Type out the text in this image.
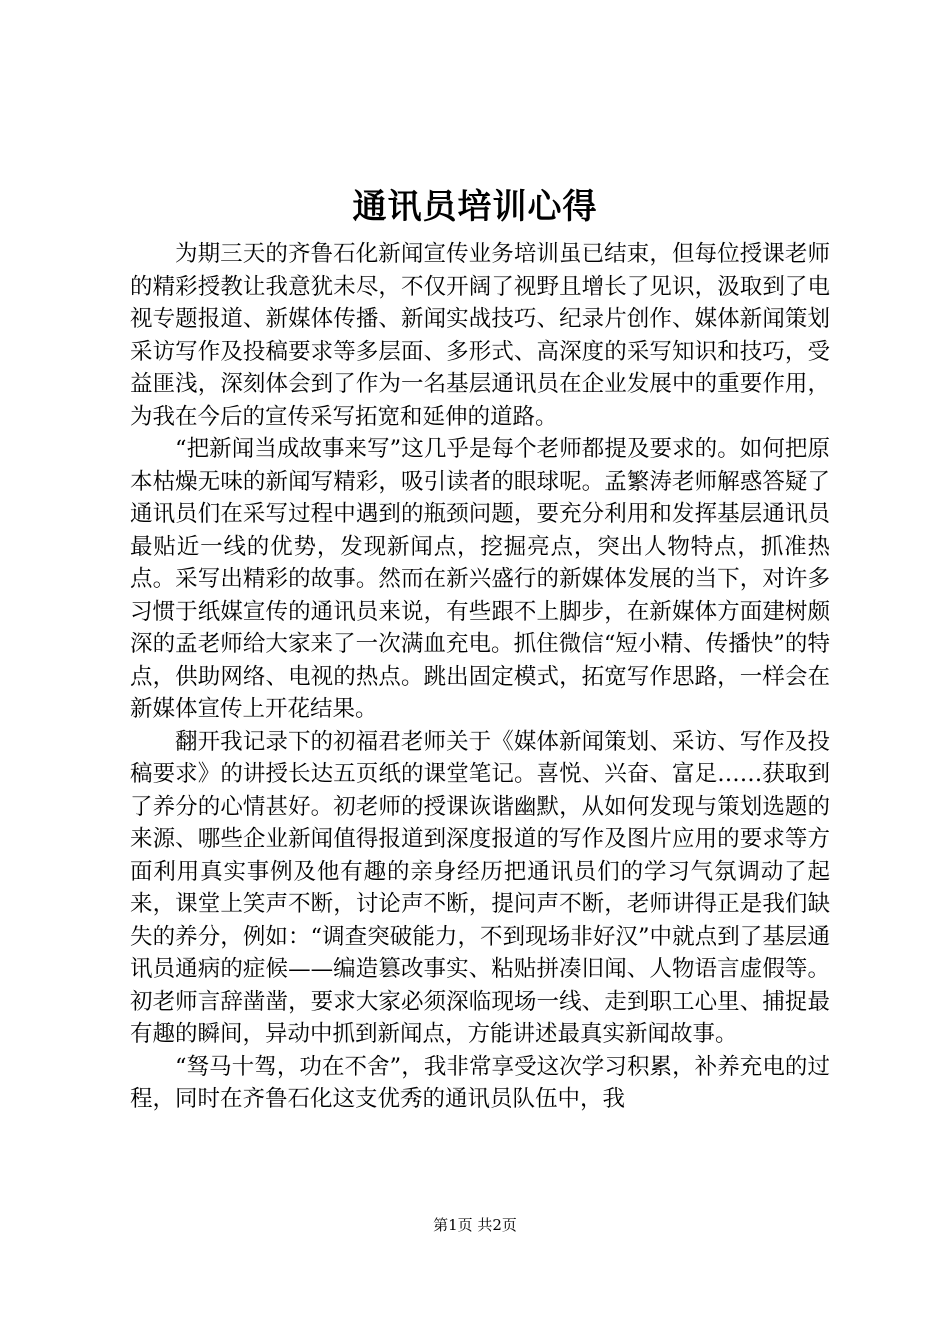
通讯员培训心得

为期三天的齐鲁石化新闻宣传业务培训虽已结束，但每位授课老师的精彩授教让我意犹未尽，不仅开阔了视野且增长了见识，汲取到了电视专题报道、新媒体传播、新闻实战技巧、纪录片创作、媒体新闻策划采访写作及投稿要求等多层面、多形式、高深度的采写知识和技巧，受益匪浅，深刻体会到了作为一名基层通讯员在企业发展中的重要作用，为我在今后的宣传采写拓宽和延伸的道路。

“把新闻当成故事来写”这几乎是每个老师都提及要求的。如何把原本枯燥无味的新闻写精彩，吸引读者的眼球呢。孟繁涛老师解惑答疑了通讯员们在采写过程中遇到的瓶颈问题，要充分利用和发挥基层通讯员最贴近一线的优势，发现新闻点，挖掘亮点，突出人物特点，抓准热点。采写出精彩的故事。然而在新兴盛行的新媒体发展的当下，对许多习惯于纸媒宣传的通讯员来说，有些跟不上脚步，在新媒体方面建树颇深的孟老师给大家来了一次满血充电。抓住微信“短小精、传播快”的特点，供助网络、电视的热点。跳出固定模式，拓宽写作思路，一样会在新媒体宣传上开花结果。

翻开我记录下的初福君老师关于《媒体新闻策划、采访、写作及投稿要求》的讲授长达五页纸的课堂笔记。喜悦、兴奋、富足……获取到了养分的心情甚好。初老师的授课诙谐幽默，从如何发现与策划选题的来源、哪些企业新闻值得报道到深度报道的写作及图片应用的要求等方面利用真实事例及他有趣的亲身经历把通讯员们的学习气氛调动了起来，课堂上笑声不断，讨论声不断，提问声不断，老师讲得正是我们缺失的养分，例如：“调查突破能力，不到现场非好汉”中就点到了基层通讯员通病的症候——编造篡改事实、粘贴拼凑旧闻、人物语言虚假等。初老师言辞凿凿，要求大家必须深临现场一线、走到职工心里、捕捉最有趣的瞬间，异动中抓到新闻点，方能讲述最真实新闻故事。

“驽马十驾，功在不舍”，我非常享受这次学习积累，补养充电的过程，同时在齐鲁石化这支优秀的通讯员队伍中，我

第1页 共2页
